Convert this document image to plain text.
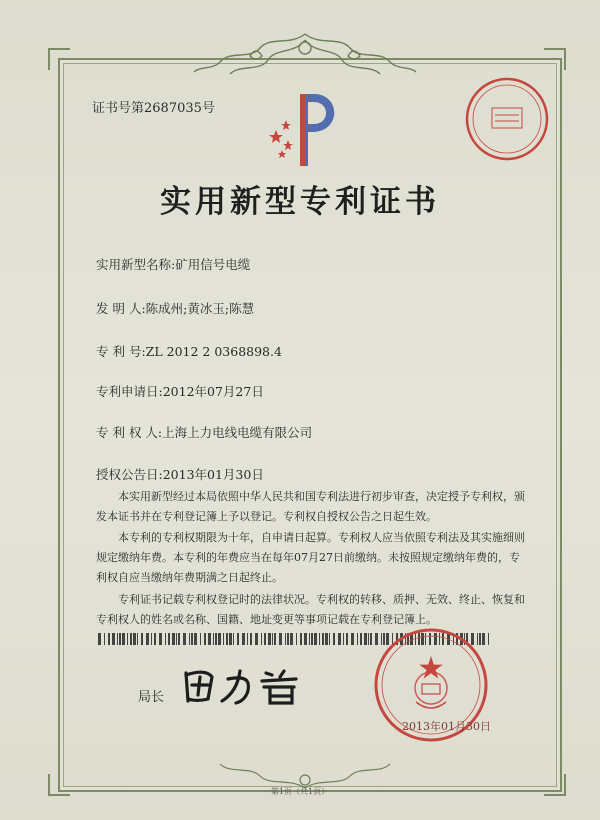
证书号第2687035号
实用新型专利证书
实用新型名称:矿用信号电缆
发 明 人:陈成州;黄冰玉;陈慧
专 利 号:ZL 2012 2 0368898.4
专利申请日:2012年07月27日
专 利 权 人:上海上力电线电缆有限公司
授权公告日:2013年01月30日
本实用新型经过本局依照中华人民共和国专利法进行初步审查，决定授予专利权，颁发本证书并在专利登记簿上予以登记。专利权自授权公告之日起生效。
本专利的专利权期限为十年，自申请日起算。专利权人应当依照专利法及其实施细则规定缴纳年费。本专利的年费应当在每年07月27日前缴纳。未按照规定缴纳年费的，专利权自应当缴纳年费期满之日起终止。
专利证书记载专利权登记时的法律状况。专利权的转移、质押、无效、终止、恢复和专利权人的姓名或名称、国籍、地址变更等事项记载在专利登记簿上。
局长
2013年01月30日
第1页（共1页）
